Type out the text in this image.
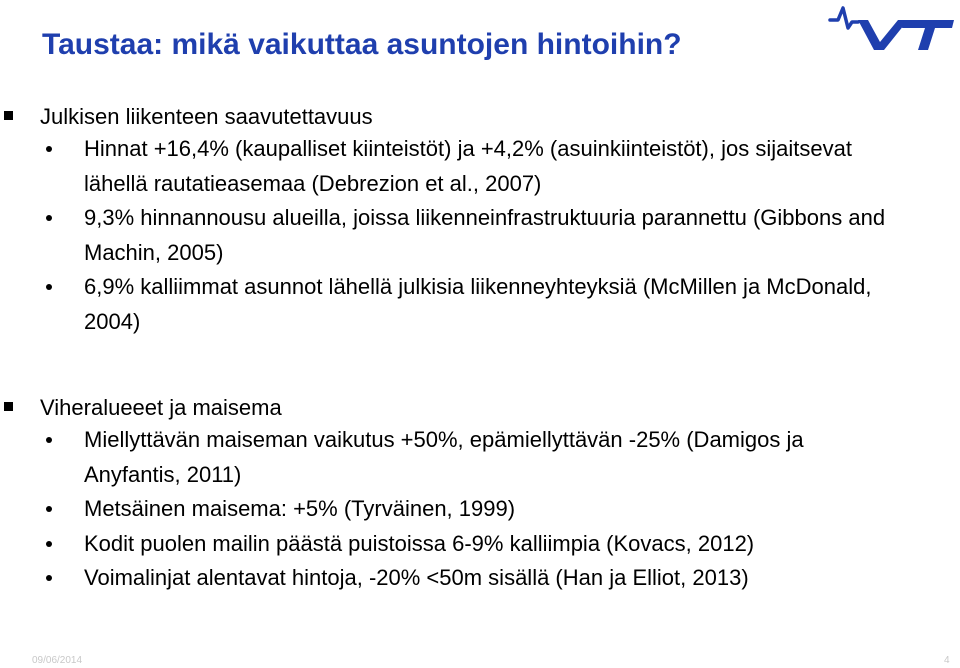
Taustaa: mikä vaikuttaa asuntojen hintoihin?
Julkisen liikenteen saavutettavuus
Hinnat +16,4% (kaupalliset kiinteistöt) ja +4,2% (asuinkiinteistöt), jos sijaitsevat lähellä rautatieasemaa (Debrezion et al., 2007)
9,3% hinnannousu alueilla, joissa liikenneinfrastruktuuria parannettu (Gibbons and Machin, 2005)
6,9% kalliimmat asunnot lähellä julkisia liikenneyhteyksiä (McMillen ja McDonald, 2004)
Viheralueeet ja maisema
Miellyttävän maiseman vaikutus +50%, epämiellyttävän -25% (Damigos ja Anyfantis, 2011)
Metsäinen maisema: +5% (Tyrväinen, 1999)
Kodit puolen mailin päästä puistoissa 6-9% kalliimpia (Kovacs, 2012)
Voimalinjat alentavat hintoja, -20% <50m sisällä (Han ja Elliot, 2013)
09/06/2014	4
